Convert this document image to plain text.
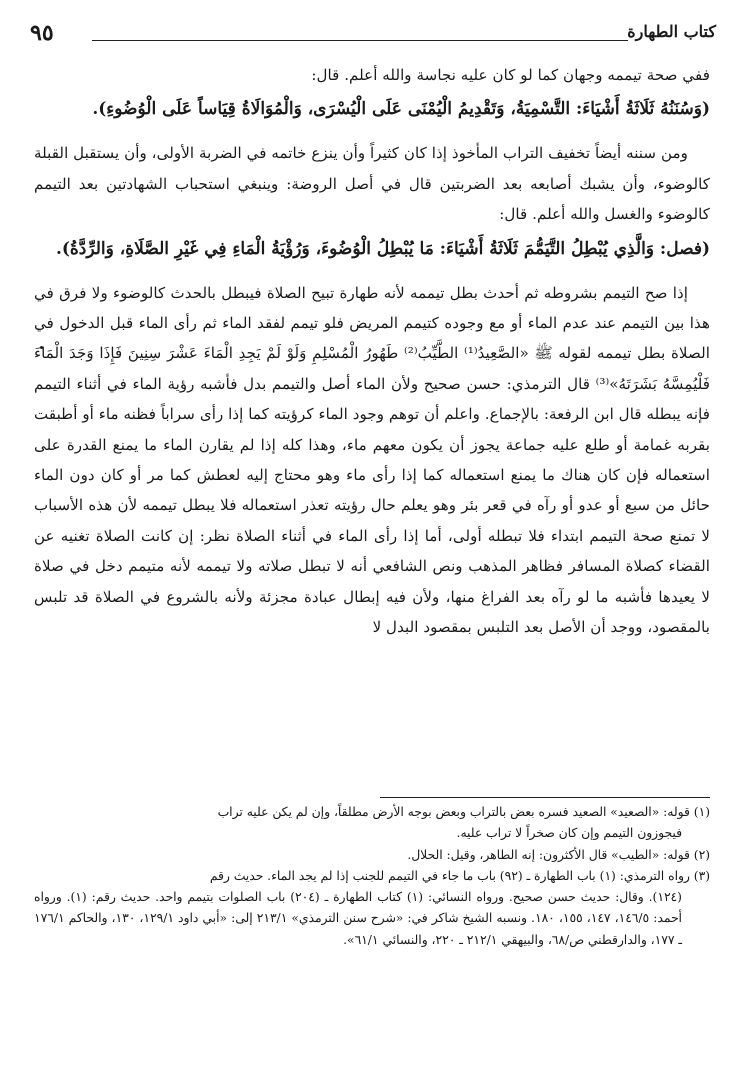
كتاب الطهارة
٩٥

ففي صحة تيممه وجهان كما لو كان عليه نجاسة والله أعلم. قال:

(وَسُنَنُهُ ثَلَاثَةُ أَشْيَاءَ: التَّسْمِيَةُ، وَتَقْدِيمُ الْيُمْنَى عَلَى الْيُسْرَى، وَالْمُوَالَاةُ قِيَاساً عَلَى الْوُضُوءِ).

ومن سننه أيضاً تخفيف التراب المأخوذ إذا كان كثيراً وأن ينزع خاتمه في الضربة الأولى، وأن يستقبل القبلة كالوضوء، وأن يشبك أصابعه بعد الضربتين قال في أصل الروضة: وينبغي استحباب الشهادتين بعد التيمم كالوضوء والغسل والله أعلم. قال:

(فصل: وَالَّذِي يُبْطِلُ التَّيَمُّمَ ثَلَاثَةُ أَشْيَاءَ: مَا يُبْطِلُ الْوُضُوءَ، وَرُؤْيَةُ الْمَاءِ فِي غَيْرِ الصَّلَاةِ، وَالرِّدَّةُ).

إذا صح التيمم بشروطه ثم أحدث بطل تيممه لأنه طهارة تبيح الصلاة فيبطل بالحدث كالوضوء ولا فرق في هذا بين التيمم عند عدم الماء أو مع وجوده كتيمم المريض فلو تيمم لفقد الماء ثم رأى الماء قبل الدخول في الصلاة بطل تيممه لقوله ﷺ «الصَّعِيدُ⁽¹⁾ الطَّيِّبُ⁽²⁾ طَهُورُ الْمُسْلِمِ وَلَوْ لَمْ يَجِدِ الْمَاءَ عَشْرَ سِنِينَ فَإِذَا وَجَدَ الْمَاءَ فَلْيُمِسَّهُ بَشَرَتَهُ»⁽³⁾ قال الترمذي: حسن صحيح ولأن الماء أصل والتيمم بدل فأشبه رؤية الماء في أثناء التيمم فإنه يبطله قال ابن الرفعة: بالإجماع. واعلم أن توهم وجود الماء كرؤيته كما إذا رأى سراباً فظنه ماء أو أطبقت بقربه غمامة أو طلع عليه جماعة يجوز أن يكون معهم ماء، وهذا كله إذا لم يقارن الماء ما يمنع القدرة على استعماله فإن كان هناك ما يمنع استعماله كما إذا رأى ماء وهو محتاج إليه لعطش كما مر أو كان دون الماء حائل من سبع أو عدو أو رآه في قعر بئر وهو يعلم حال رؤيته تعذر استعماله فلا يبطل تيممه لأن هذه الأسباب لا تمنع صحة التيمم ابتداء فلا تبطله أولى، أما إذا رأى الماء في أثناء الصلاة نظر: إن كانت الصلاة تغنيه عن القضاء كصلاة المسافر فظاهر المذهب ونص الشافعي أنه لا تبطل صلاته ولا تيممه لأنه متيمم دخل في صلاة لا يعيدها فأشبه ما لو رآه بعد الفراغ منها، ولأن فيه إبطال عبادة مجزئة ولأنه بالشروع في الصلاة قد تلبس بالمقصود، ووجد أن الأصل بعد التلبس بمقصود البدل لا

(١) قوله: «الصعيد» الصعيد فسره بعض بالتراب وبعض بوجه الأرض مطلقاً، وإن لم يكن عليه تراب

فيجوزون التيمم وإن كان صخراً لا تراب عليه.

(٢) قوله: «الطيب» قال الأكثرون: إنه الطاهر، وقيل: الحلال.

(٣) رواه الترمذي: (١) باب الطهارة ـ (٩٢) باب ما جاء في التيمم للجنب إذا لم يجد الماء. حديث رقم

(١٢٤). وقال: حديث حسن صحيح. ورواه النسائي: (١) كتاب الطهارة ـ (٢٠٤) باب الصلوات بتيمم واحد. حديث رقم: (١). ورواه أحمد: ١٤٦/٥، ١٤٧، ١٥٥، ١٨٠. ونسبه الشيخ شاكر في: «شرح سنن الترمذي» ٢١٣/١ إلى: «أبي داود ١٢٩/١، ١٣٠، والحاكم ١٧٦/١ ـ ١٧٧، والدارقطني ص/٦٨، والبيهقي ٢١٢/١ ـ ٢٢٠، والنسائي ٦١/١».
